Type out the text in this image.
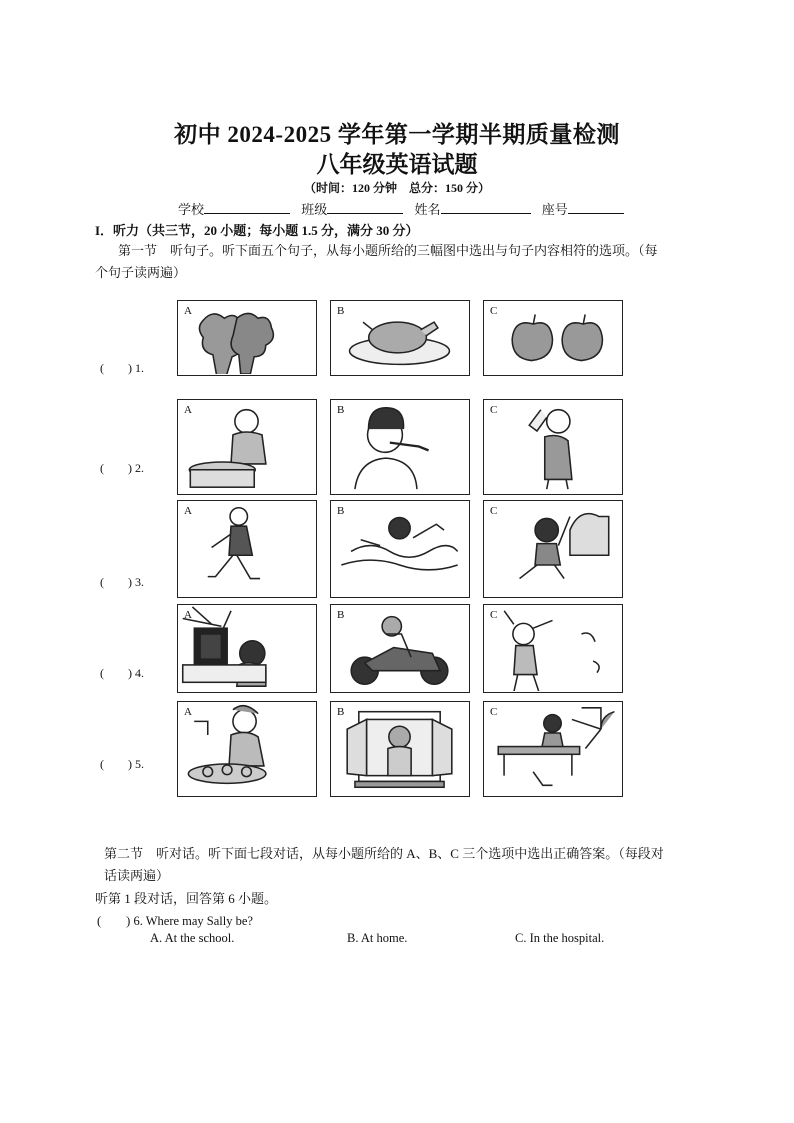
初中 2024-2025 学年第一学期半期质量检测
八年级英语试题
（时间：120 分钟　总分：150 分）
学校	班级	姓名	座号
I．听力（共三节，20 小题；每小题 1.5 分，满分 30 分）
第一节　听句子。听下面五个句子，从每小题所给的三幅图中选出与句子内容相符的选项。（每
个句子读两遍）
(　　) 1.
A	B	C
(　　) 2.
A	B	C
(　　) 3.
A	B	C
(　　) 4.
A	B	C
(　　) 5.
A	B	C
第二节　听对话。听下面七段对话，从每小题所给的 A、B、C 三个选项中选出正确答案。（每段对
话读两遍）
听第 1 段对话，回答第 6 小题。
(　　) 6. Where may Sally be?
A. At the school.	B. At home.	C. In the hospital.
